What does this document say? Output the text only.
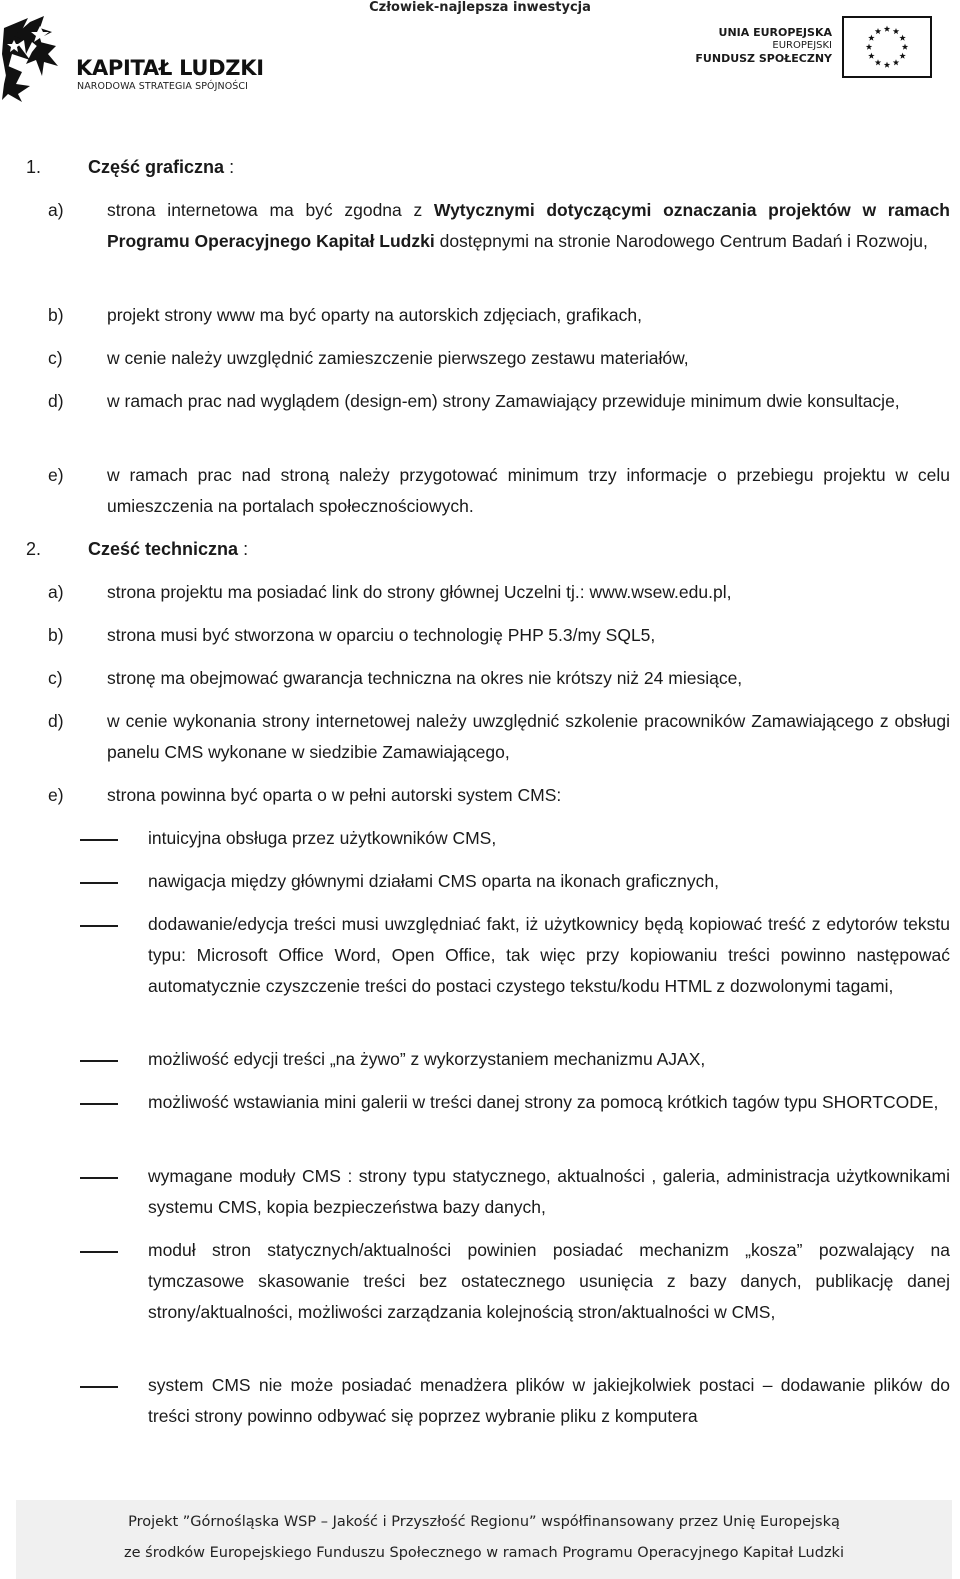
Człowiek-najlepsza inwestycja
KAPITAŁ LUDZKI
NARODOWA STRATEGIA SPÓJNOŚCI
UNIA EUROPEJSKA
EUROPEJSKI
FUNDUSZ SPOŁECZNY
1.	Część graficzna :
a) strona internetowa ma być zgodna z Wytycznymi dotyczącymi oznaczania projektów w ramach Programu Operacyjnego Kapitał Ludzki dostępnymi na stronie Narodowego Centrum Badań i Rozwoju,
b) projekt strony www ma być oparty na autorskich zdjęciach, grafikach,
c)	w cenie należy uwzględnić zamieszczenie pierwszego zestawu materiałów,
d) w ramach prac nad wyglądem (design-em) strony Zamawiający przewiduje minimum dwie konsultacje,
e) w ramach prac nad stroną należy przygotować minimum trzy informacje o przebiegu projektu w celu umieszczenia na portalach społecznościowych.
2.	Cześć techniczna :
a) strona projektu ma posiadać link do strony głównej Uczelni tj.: www.wsew.edu.pl,
b) strona musi być stworzona w oparciu o technologię PHP 5.3/my SQL5,
c)	stronę ma obejmować gwarancja techniczna na okres nie krótszy niż 24 miesiące,
d) w cenie wykonania strony internetowej należy uwzględnić szkolenie pracowników Zamawiającego z obsługi panelu CMS wykonane w siedzibie Zamawiającego,
e) strona powinna być oparta o w pełni autorski system CMS:
intuicyjna obsługa przez użytkowników CMS,
nawigacja między głównymi działami CMS oparta na ikonach graficznych,
dodawanie/edycja treści musi uwzględniać fakt, iż użytkownicy będą kopiować treść z edytorów tekstu typu: Microsoft Office Word, Open Office, tak więc przy kopiowaniu treści powinno następować automatycznie czyszczenie treści do postaci czystego tekstu/kodu HTML z dozwolonymi tagami,
możliwość edycji treści „na żywo” z wykorzystaniem mechanizmu AJAX,
możliwość wstawiania mini galerii w treści danej strony za pomocą krótkich tagów typu SHORTCODE,
wymagane moduły CMS : strony typu statycznego, aktualności , galeria, administracja użytkownikami systemu CMS, kopia bezpieczeństwa bazy danych,
moduł stron statycznych/aktualności powinien posiadać mechanizm „kosza” pozwalający na tymczasowe skasowanie treści bez ostatecznego usunięcia z bazy danych, publikację danej strony/aktualności, możliwości zarządzania kolejnością stron/aktualności w CMS,
system CMS nie może posiadać menadżera plików w jakiejkolwiek postaci – dodawanie plików do treści strony powinno odbywać się poprzez wybranie pliku z komputera
Projekt ”Górnośląska WSP – Jakość i Przyszłość Regionu” współfinansowany przez Unię Europejską
ze środków Europejskiego Funduszu Społecznego w ramach Programu Operacyjnego Kapitał Ludzki
